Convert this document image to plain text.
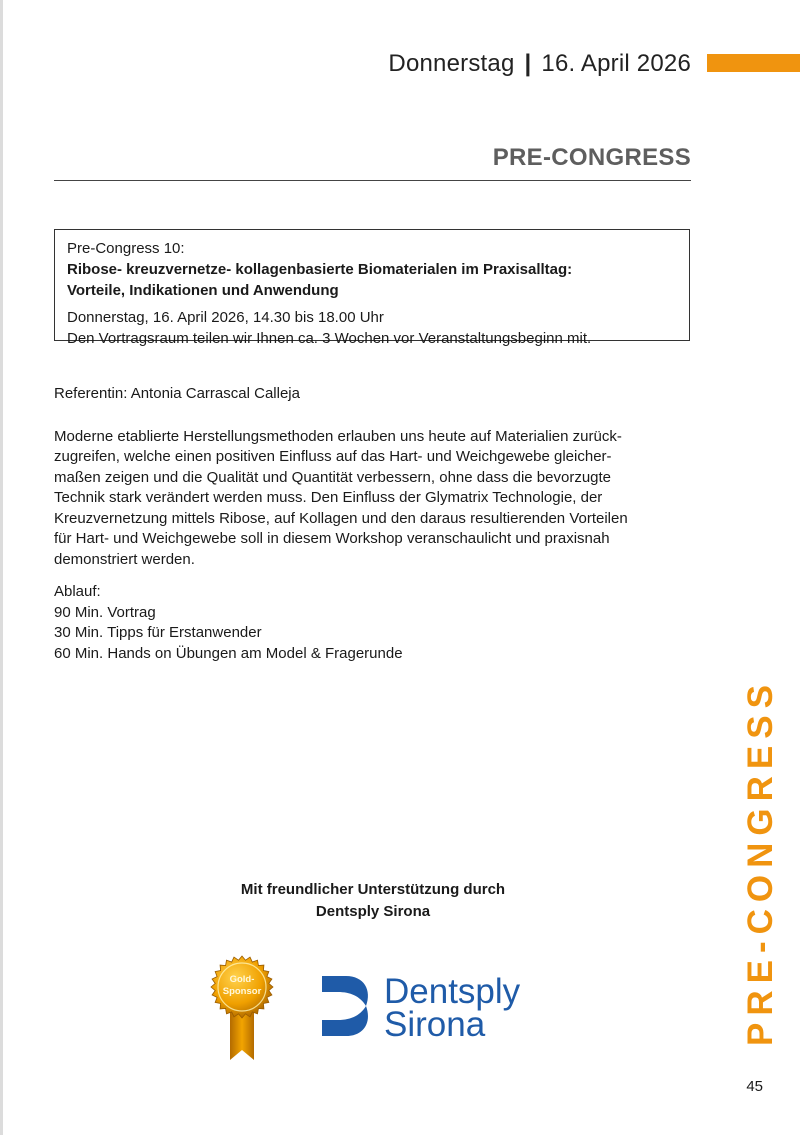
Donnerstag | 16. April 2026
PRE-CONGRESS
Pre-Congress 10:
Ribose- kreuzvernetze- kollagenbasierte Biomaterialen im Praxisalltag:
Vorteile, Indikationen und Anwendung
Donnerstag, 16. April 2026, 14.30 bis 18.00 Uhr
Den Vortragsraum teilen wir Ihnen ca. 3 Wochen vor Veranstaltungsbeginn mit.

Referentin: Antonia Carrascal Calleja

Moderne etablierte Herstellungsmethoden erlauben uns heute auf Materialien zurück-

zugreifen, welche einen positiven Einfluss auf das Hart- und Weichgewebe gleicher-

maßen zeigen und die Qualität und Quantität verbessern, ohne dass die bevorzugte

Technik stark verändert werden muss. Den Einfluss der Glymatrix Technologie, der

Kreuzvernetzung mittels Ribose, auf Kollagen und den daraus resultierenden Vorteilen

für Hart- und Weichgewebe soll in diesem Workshop veranschaulicht und praxisnah

demonstriert werden.

Ablauf:

90 Min. Vortrag

30 Min. Tipps für Erstanwender

60 Min. Hands on Übungen am Model & Fragerunde

Mit freundlicher Unterstützung durch
Dentsply Sirona
Gold-
Sponsor	Dentsply
Sirona	PRE-CONGRESS
45
